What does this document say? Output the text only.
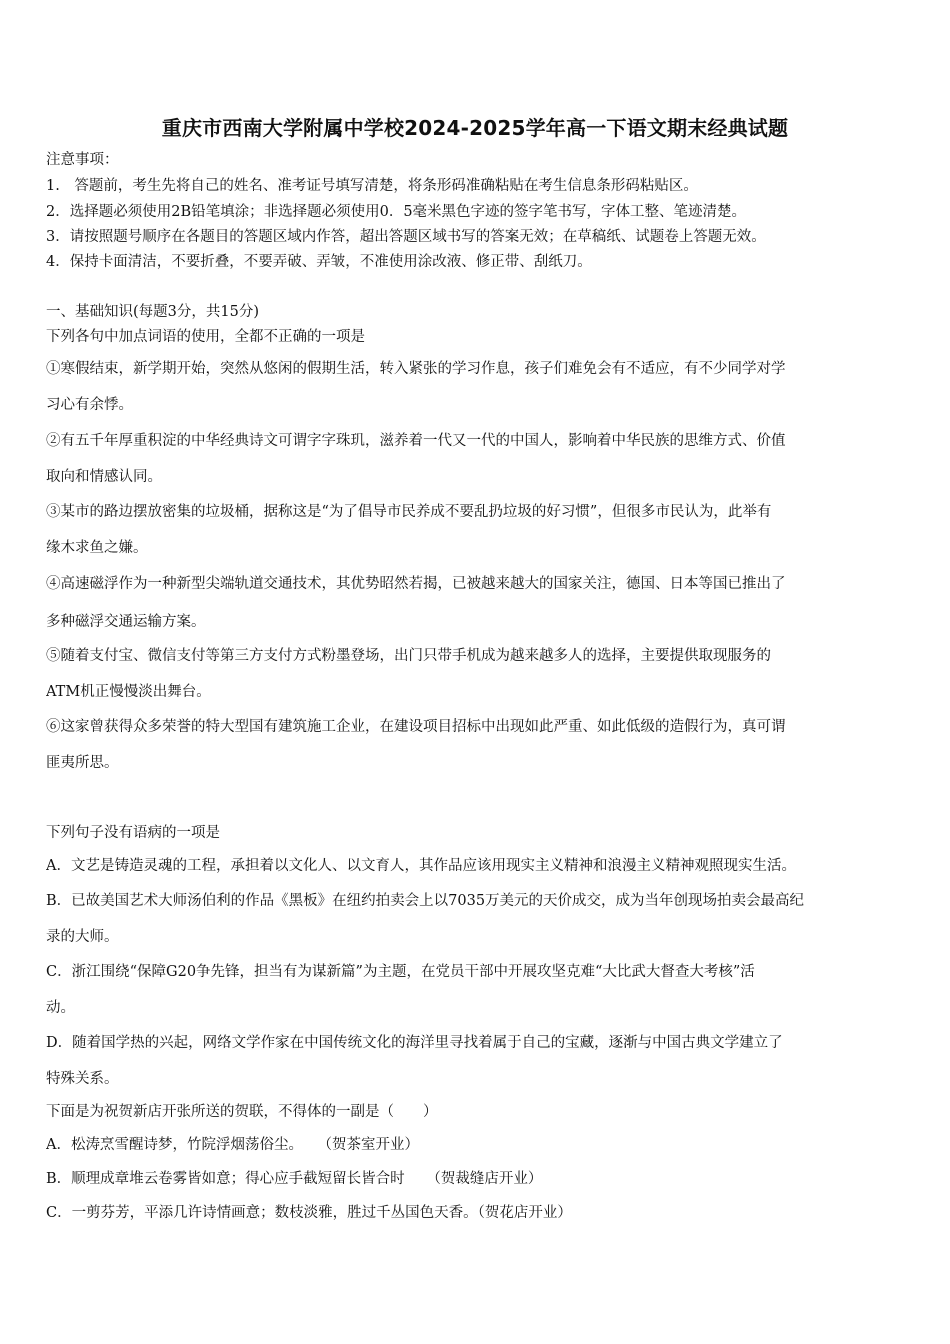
重庆市西南大学附属中学校2024-2025学年高一下语文期末经典试题
注意事项：
1.　答题前，考生先将自己的姓名、准考证号填写清楚，将条形码准确粘贴在考生信息条形码粘贴区。
2．选择题必须使用2B铅笔填涂；非选择题必须使用0．5毫米黑色字迹的签字笔书写，字体工整、笔迹清楚。
3．请按照题号顺序在各题目的答题区域内作答，超出答题区域书写的答案无效；在草稿纸、试题卷上答题无效。
4．保持卡面清洁，不要折叠，不要弄破、弄皱，不准使用涂改液、修正带、刮纸刀。
一、基础知识(每题3分，共15分)
下列各句中加点词语的使用，全都不正确的一项是
①寒假结束，新学期开始，突然从悠闲的假期生活，转入紧张的学习作息，孩子们难免会有不适应，有不少同学对学
习心有余悸。
②有五千年厚重积淀的中华经典诗文可谓字字珠玑，滋养着一代又一代的中国人，影响着中华民族的思维方式、价值
取向和情感认同。
③某市的路边摆放密集的垃圾桶，据称这是“为了倡导市民养成不要乱扔垃圾的好习惯”，但很多市民认为，此举有
缘木求鱼之嫌。
④高速磁浮作为一种新型尖端轨道交通技术，其优势昭然若揭，已被越来越大的国家关注，德国、日本等国已推出了
多种磁浮交通运输方案。
⑤随着支付宝、微信支付等第三方支付方式粉墨登场，出门只带手机成为越来越多人的选择，主要提供取现服务的
ATM机正慢慢淡出舞台。
⑥这家曾获得众多荣誉的特大型国有建筑施工企业，在建设项目招标中出现如此严重、如此低级的造假行为，真可谓
匪夷所思。
下列句子没有语病的一项是
A．文艺是铸造灵魂的工程，承担着以文化人、以文育人，其作品应该用现实主义精神和浪漫主义精神观照现实生活。
B．已故美国艺术大师汤伯利的作品《黑板》在纽约拍卖会上以7035万美元的天价成交，成为当年创现场拍卖会最高纪
录的大师。
C．浙江围绕“保障G20争先锋，担当有为谋新篇”为主题，在党员干部中开展攻坚克难“大比武大督查大考核”活
动。
D．随着国学热的兴起，网络文学作家在中国传统文化的海洋里寻找着属于自己的宝藏，逐渐与中国古典文学建立了
特殊关系。
下面是为祝贺新店开张所送的贺联，不得体的一副是（　　）
A．松涛烹雪醒诗梦，竹院浮烟荡俗尘。　　（贺茶室开业）
B．顺理成章堆云卷雾皆如意；得心应手截短留长皆合时　　（贺裁缝店开业）
C．一剪芬芳，平添几许诗情画意；数枝淡雅，胜过千丛国色天香。（贺花店开业）
